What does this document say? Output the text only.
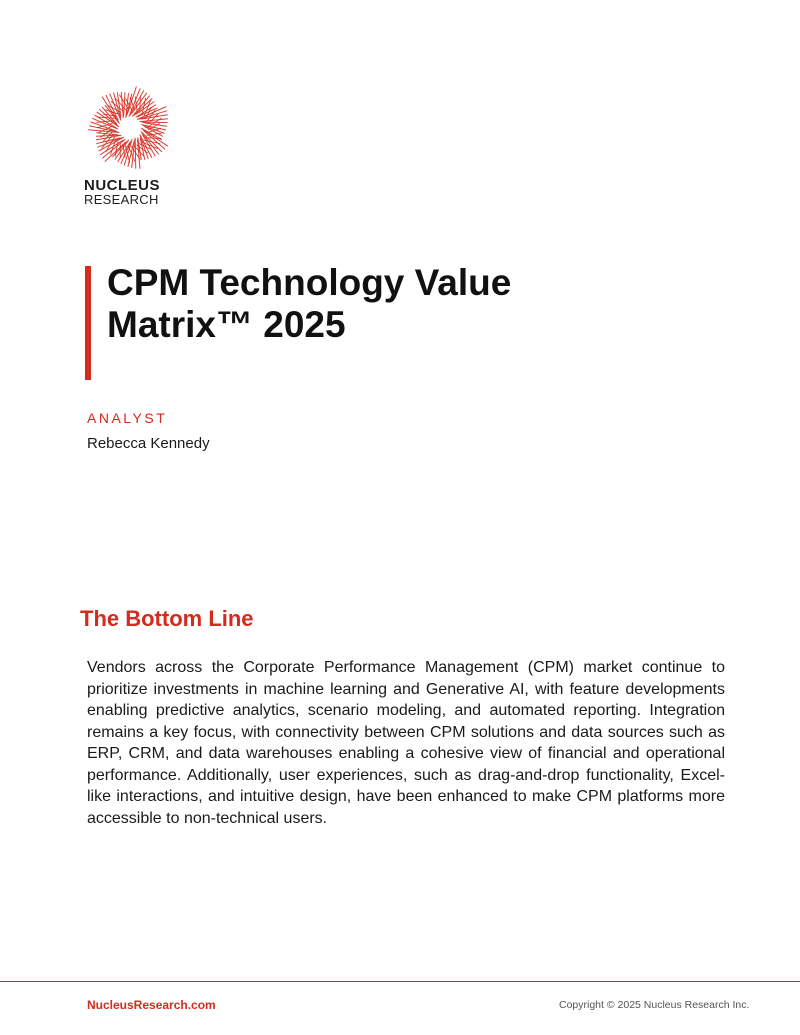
NUCLEUS
RESEARCH
CPM Technology Value
Matrix™ 2025
ANALYST
Rebecca Kennedy
The Bottom Line

Vendors across the Corporate Performance Management (CPM) market continue to prioritize investments in machine learning and Generative AI, with feature developments enabling predictive analytics, scenario modeling, and automated reporting. Integration remains a key focus, with connectivity between CPM solutions and data sources such as ERP, CRM, and data warehouses enabling a cohesive view of financial and operational performance. Additionally, user experiences, such as drag-and-drop functionality, Excel-like interactions, and intuitive design, have been enhanced to make CPM platforms more accessible to non-technical users.

NucleusResearch.com	Copyright © 2025 Nucleus Research Inc.
